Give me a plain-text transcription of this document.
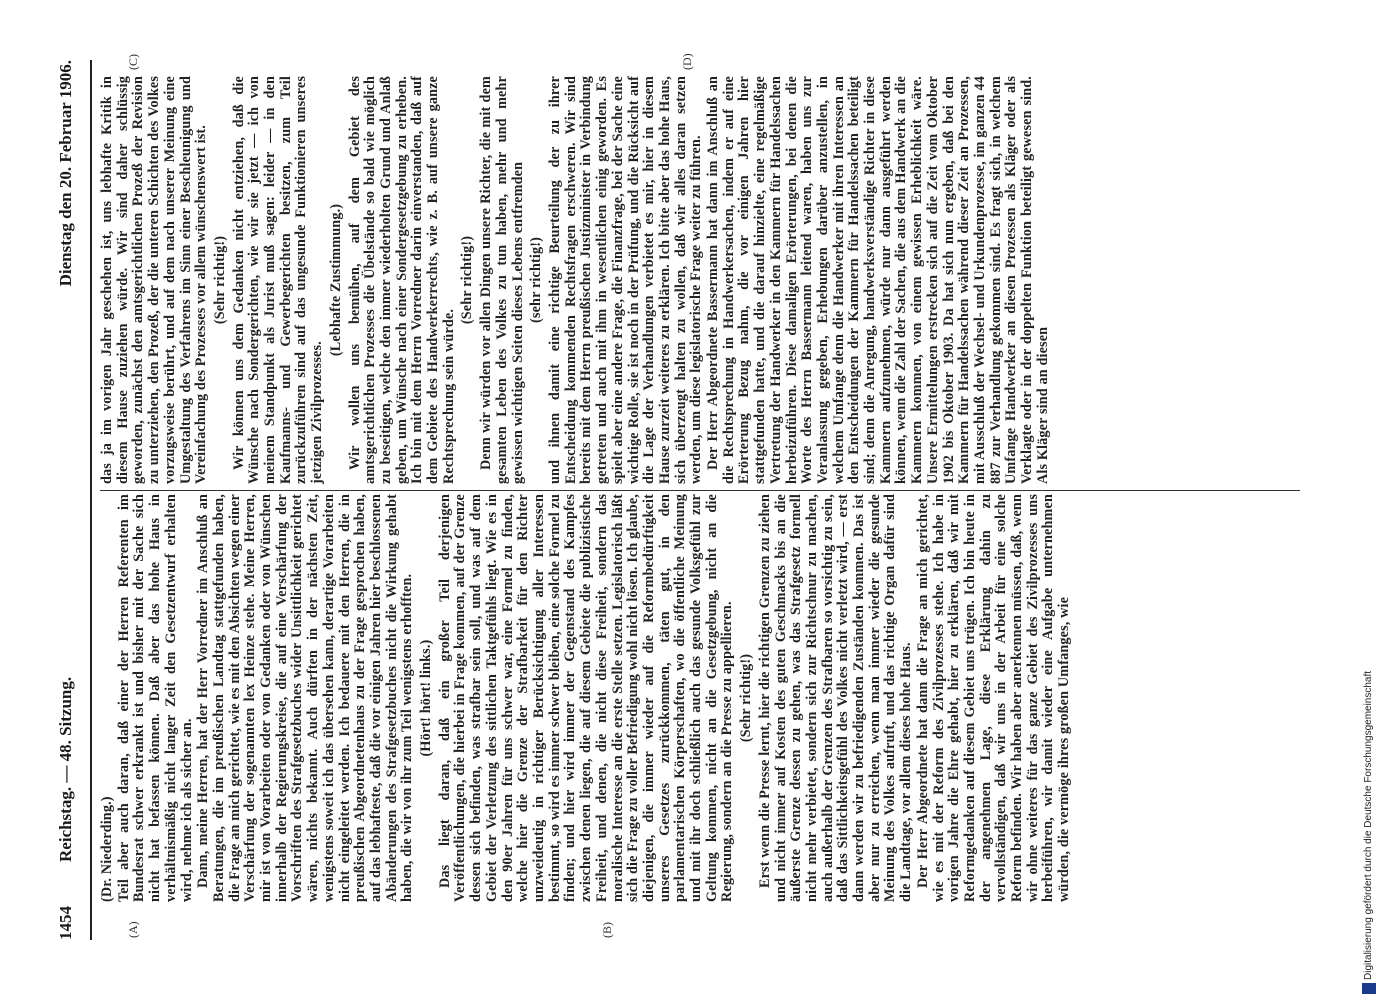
1454
Reichstag. — 48. Sitzung.
Dienstag den 20. Februar 1906.
(A)	(B)
(C)	(D)

(Dr. Niederding.) Teil aber auch daran, daß einer der Herren Referenten im Bundesrat schwer erkrankt ist und bisher mit der Sache sich nicht hat befassen können. Daß aber das hohe Haus in verhältnismäßig nicht langer Zeit den Gesetzentwurf erhalten wird, nehme ich als sicher an. Dann, meine Herren, hat der Herr Vorredner im Anschluß an Beratungen, die im preußischen Landtag stattgefunden haben, die Frage an mich gerichtet, wie es mit den Absichten wegen einer Verschärfung der sogenannten lex Heinze stehe. Meine Herren, mir ist von Vorarbeiten oder von Gedanken oder von Wünschen innerhalb der Regierungskreise, die auf eine Verschärfung der Vorschriften des Strafgesetzbuches wider Unsittlichkeit gerichtet wären, nichts bekannt. Auch dürften in der nächsten Zeit, wenigstens soweit ich das übersehen kann, derartige Vorarbeiten nicht eingeleitet werden. Ich bedauere mit den Herren, die in preußischen Abgeordnetenhaus zu der Frage gesprochen haben, auf das lebhafteste, daß die vor einigen Jahren hier beschlossenen Abänderungen des Strafgesetzbuches nicht die Wirkung gehabt haben, die wir von ihr zum Teil wenigstens erhofften. (Hört! hört! links.) Das liegt daran, daß ein großer Teil derjenigen Veröffentlichungen, die hierbei in Frage kommen, auf der Grenze dessen sich befinden, was strafbar sein soll, und was auf dem Gebiet der Verletzung des sittlichen Taktgefühls liegt. Wie es in den 90er Jahren für uns schwer war, eine Formel zu finden, welche hier die Grenze der Strafbarkeit für den Richter unzweideutig in richtiger Berücksichtigung aller Interessen bestimmt, so wird es immer schwer bleiben, eine solche Formel zu finden; und hier wird immer der Gegenstand des Kampfes zwischen denen liegen, die auf diesem Gebiete die publizistische Freiheit, und denen, die nicht diese Freiheit, sondern das moralische Interesse an die erste Stelle setzen. Legislatorisch läßt sich die Frage zu voller Befriedigung wohl nicht lösen. Ich glaube, diejenigen, die immer wieder auf die Reformbedürftigkeit unseres Gesetzes zurückkommen, täten gut, in den parlamentarischen Körperschaften, wo die öffentliche Meinung und mit ihr doch schließlich auch das gesunde Volksgefühl zur Geltung kommen, nicht an die Gesetzgebung, nicht an die Regierung, sondern an die Presse zu appellieren. (Sehr richtig!) Erst wenn die Presse lernt, hier die richtigen Grenzen zu ziehen und nicht immer auf Kosten des guten Geschmacks bis an die äußerste Grenze dessen zu gehen, was das Strafgesetz formell nicht mehr verbietet, sondern sich zur Richtschnur zu machen, auch außerhalb der Grenzen des Strafbaren so vorsichtig zu sein, daß das Sittlichkeitsgefühl des Volkes nicht verletzt wird, — erst dann werden wir zu befriedigenden Zuständen kommen. Das ist aber nur zu erreichen, wenn man immer wieder die gesunde Meinung des Volkes aufruft, und das richtige Organ dafür sind die Landtage, vor allem dieses hohe Haus. Der Herr Abgeordnete hat dann die Frage an mich gerichtet, wie es mit der Reform des Zivilprozesses stehe. Ich habe in vorigen Jahre die Ehre gehabt, hier zu erklären, daß wir mit Reformgedanken auf diesem Gebiet uns trügen. Ich bin heute in der angenehmen Lage, diese Erklärung dahin zu vervollständigen, daß wir uns in der Arbeit für eine solche Reform befinden. Wir haben aber anerkennen müssen, daß, wenn wir ohne weiteres für das ganze Gebiet des Zivilprozesses uns herbeiführen, wir damit wieder eine Aufgabe unternehmen würden, die vermöge ihres großen Umfanges, wie

das ja im vorigen Jahr geschehen ist, uns lebhafte Kritik in diesem Hause zuziehen würde. Wir sind daher schlüssig geworden, zunächst den amtsgerichtlichen Prozeß der Revision zu unterziehen, den Prozeß, der die unteren Schichten des Volkes vorzugsweise berührt, und auf dem nach unserer Meinung eine Umgestaltung des Verfahrens im Sinn einer Beschleunigung und Vereinfachung des Prozesses vor allem wünschenswert ist. (Sehr richtig!) Wir können uns dem Gedanken nicht entziehen, daß die Wünsche nach Sondergerichten, wie wir sie jetzt — ich von meinem Standpunkt als Jurist muß sagen: leider — in den Kaufmanns- und Gewerbegerichten besitzen, zum Teil zurückzuführen sind auf das ungesunde Funktionieren unseres jetzigen Zivilprozesses.

(Lebhafte Zustimmung.) Wir wollen uns bemühen, auf dem Gebiet des amtsgerichtlichen Prozesses die Übelstände so bald wie möglich zu beseitigen, welche den immer wiederholten Grund und Anlaß geben, um Wünsche nach einer Sondergesetzgebung zu erheben. Ich bin mit dem Herrn Vorredner darin einverstanden, daß auf dem Gebiete des Handwerkerrechts, wie z. B. auf unsere ganze Rechtsprechung sein würde.

(Sehr richtig!) Denn wir würden vor allen Dingen unsere Richter, die mit dem gesamten Leben des Volkes zu tun haben, mehr und mehr gewissen wichtigen Seiten dieses Lebens entfremden (sehr richtig!) und ihnen damit eine richtige Beurteilung der zu ihrer Entscheidung kommenden Rechtsfragen erschweren. Wir sind bereits mit dem Herrn preußischen Justizminister in Verbindung getreten und auch mit ihm in wesentlichen einig geworden. Es spielt aber eine andere Frage, die Finanzfrage, bei der Sache eine wichtige Rolle, sie ist noch in der Prüfung, und die Rücksicht auf die Lage der Verhandlungen verbietet es mir, hier in diesem Hause zurzeit weiteres zu erklären. Ich bitte aber das hohe Haus, sich überzeugt halten zu wollen, daß wir alles daran setzen werden, um diese legislatorische Frage weiter zu führen. Der Herr Abgeordnete Bassermann hat dann im Anschluß an die Rechtsprechung in Handwerkersachen, indem er auf eine Erörterung Bezug nahm, die vor einigen Jahren hier stattgefunden hatte, und die darauf hinzielte, eine regelmäßige Vertretung der Handwerker in den Kammern für Handelssachen herbeizuführen. Diese damaligen Erörterungen, bei denen die Worte des Herrn Bassermann leitend waren, haben uns zur Veranlassung gegeben, Erhebungen darüber anzustellen, in welchem Umfange denn die Handwerker mit ihren Interessen an den Entscheidungen der Kammern für Handelssachen beteiligt sind; denn die Anregung, handwerksverständige Richter in diese Kammern aufzunehmen, würde nur dann ausgeführt werden können, wenn die Zahl der Sachen, die aus dem Handwerk an die Kammern kommen, von einem gewissen Erheblichkeit wäre. Unsere Ermittelungen erstrecken sich auf die Zeit vom Oktober 1902 bis Oktober 1903. Da hat sich nun ergeben, daß bei den Kammern für Handelssachen während dieser Zeit an Prozessen, mit Ausschluß der Wechsel- und Urkundenprozesse, im ganzen 44 887 zur Verhandlung gekommen sind. Es fragt sich, in welchem Umfange Handwerker an diesen Prozessen als Kläger oder als Verklagte oder in der doppelten Funktion beteiligt gewesen sind. Als Kläger sind an diesen

Digitalisierung gefördert durch die Deutsche Forschungsgemeinschaft
